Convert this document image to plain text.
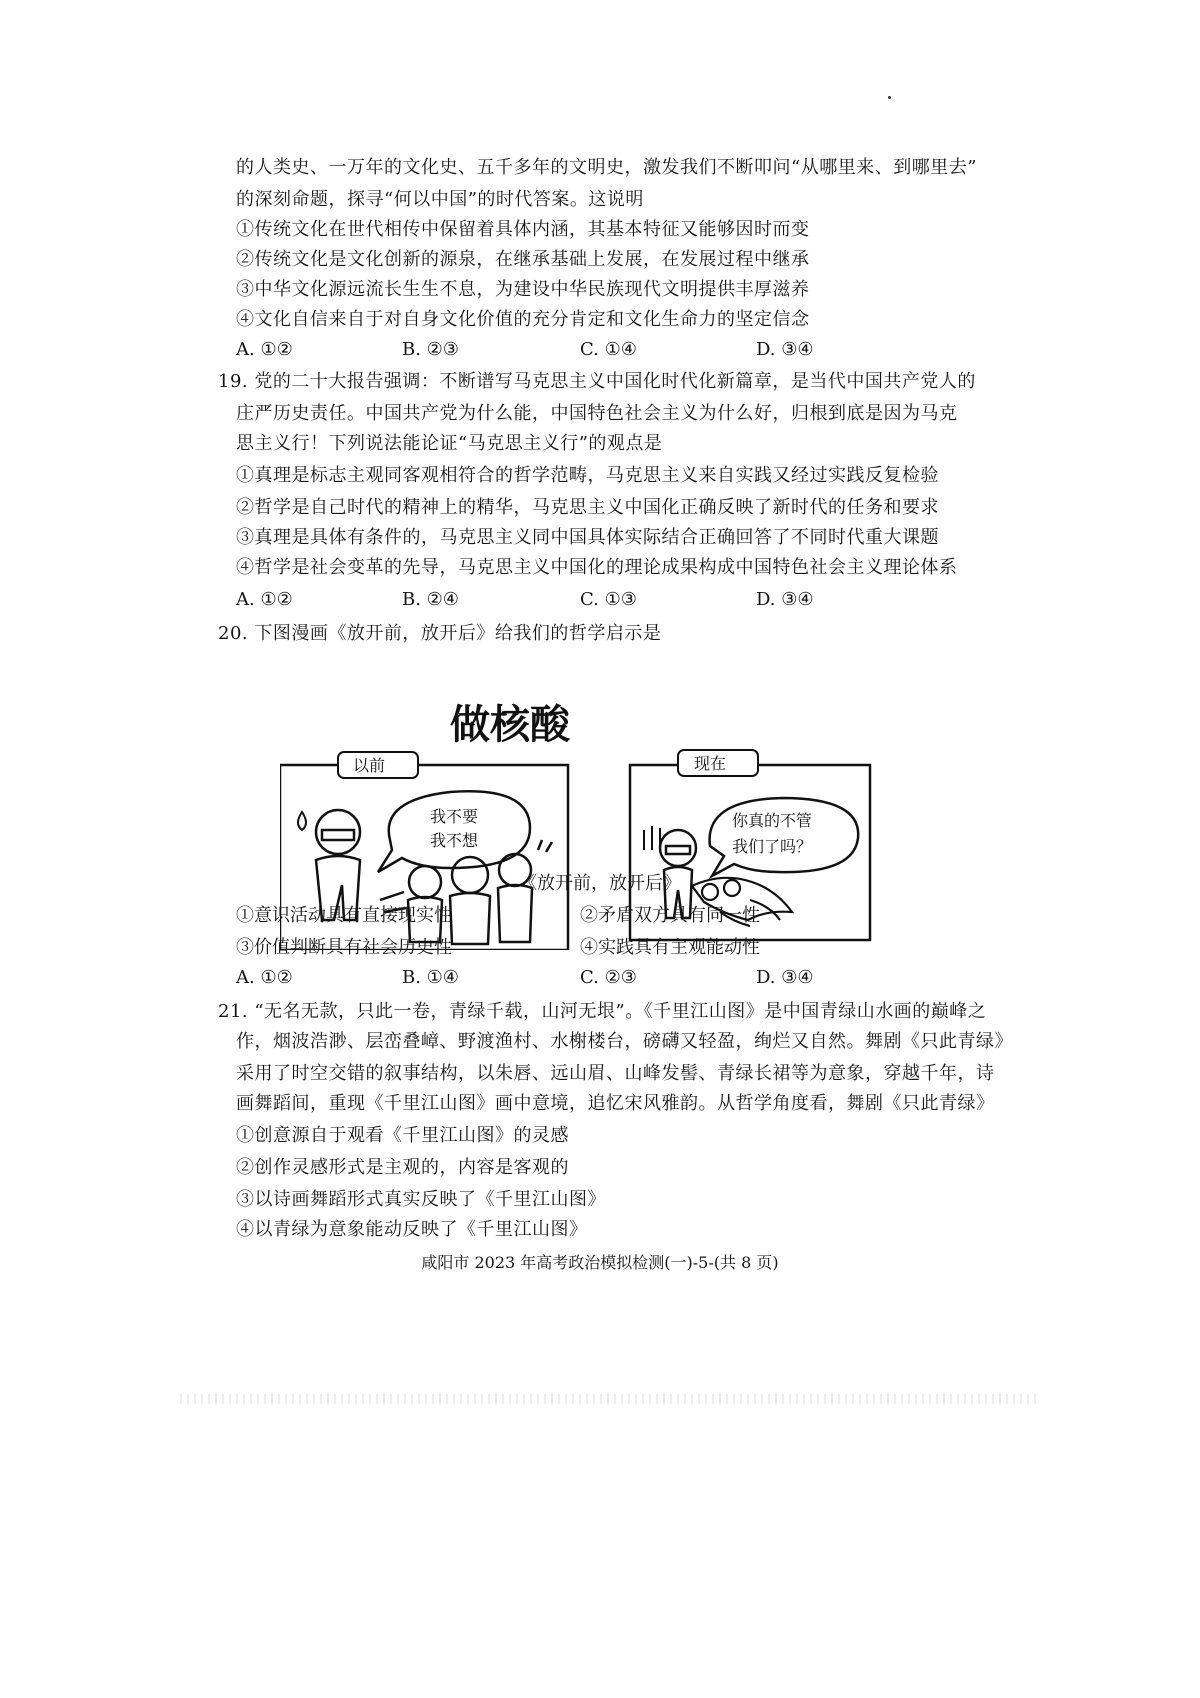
的人类史、一万年的文化史、五千多年的文明史，激发我们不断叩问“从哪里来、到哪里去”
的深刻命题，探寻“何以中国”的时代答案。这说明
①传统文化在世代相传中保留着具体内涵，其基本特征又能够因时而变
②传统文化是文化创新的源泉，在继承基础上发展，在发展过程中继承
③中华文化源远流长生生不息，为建设中华民族现代文明提供丰厚滋养
④文化自信来自于对自身文化价值的充分肯定和文化生命力的坚定信念
A. ①②	B. ②③	C. ①④	D. ③④
19. 党的二十大报告强调：不断谱写马克思主义中国化时代化新篇章，是当代中国共产党人的
庄严历史责任。中国共产党为什么能，中国特色社会主义为什么好，归根到底是因为马克
思主义行！下列说法能论证“马克思主义行”的观点是
①真理是标志主观同客观相符合的哲学范畴，马克思主义来自实践又经过实践反复检验
②哲学是自己时代的精神上的精华，马克思主义中国化正确反映了新时代的任务和要求
③真理是具体有条件的，马克思主义同中国具体实际结合正确回答了不同时代重大课题
④哲学是社会变革的先导，马克思主义中国化的理论成果构成中国特色社会主义理论体系
A. ①②	B. ②④	C. ①③	D. ③④
20. 下图漫画《放开前，放开后》给我们的哲学启示是
做核酸
以前
我不要
我不想
现在
你真的不管
我们了吗？
《放开前，放开后》
①意识活动具有直接现实性	②矛盾双方具有同一性
③价值判断具有社会历史性	④实践具有主观能动性
A. ①②	B. ①④	C. ②③	D. ③④
21. “无名无款，只此一卷，青绿千载，山河无垠”。《千里江山图》是中国青绿山水画的巅峰之
作，烟波浩渺、层峦叠嶂、野渡渔村、水榭楼台，磅礴又轻盈，绚烂又自然。舞剧《只此青绿》
采用了时空交错的叙事结构，以朱唇、远山眉、山峰发髻、青绿长裙等为意象，穿越千年，诗
画舞蹈间，重现《千里江山图》画中意境，追忆宋风雅韵。从哲学角度看，舞剧《只此青绿》
①创意源自于观看《千里江山图》的灵感
②创作灵感形式是主观的，内容是客观的
③以诗画舞蹈形式真实反映了《千里江山图》
④以青绿为意象能动反映了《千里江山图》
咸阳市 2023 年高考政治模拟检测(一)-5-(共 8 页)
